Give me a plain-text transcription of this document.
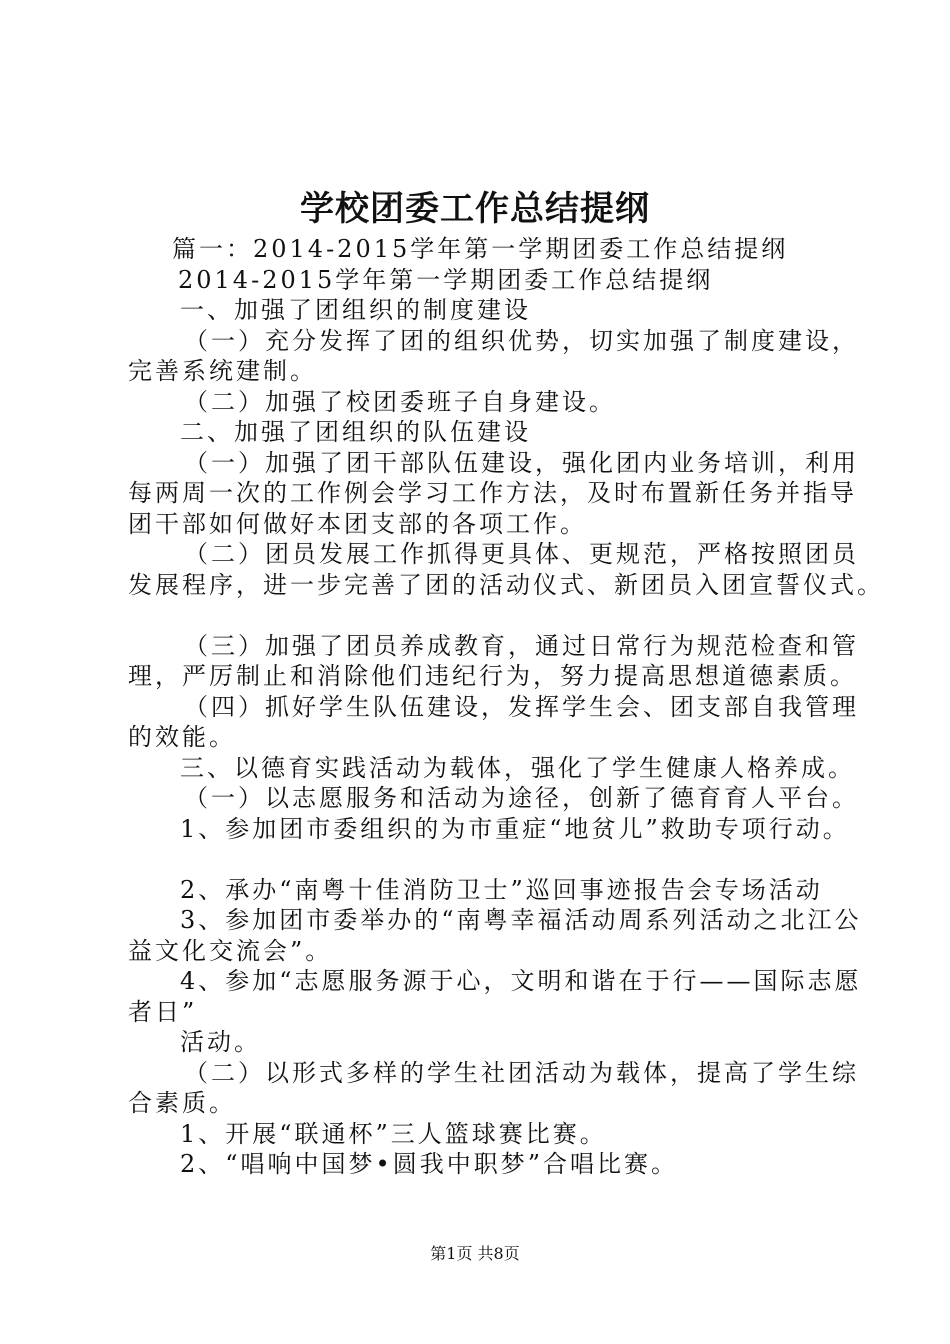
学校团委工作总结提纲
篇一：2014-2015学年第一学期团委工作总结提纲
2014-2015学年第一学期团委工作总结提纲
一、加强了团组织的制度建设
（一）充分发挥了团的组织优势，切实加强了制度建设，
完善系统建制。
（二）加强了校团委班子自身建设。
二、加强了团组织的队伍建设
（一）加强了团干部队伍建设，强化团内业务培训，利用
每两周一次的工作例会学习工作方法，及时布置新任务并指导
团干部如何做好本团支部的各项工作。
（二）团员发展工作抓得更具体、更规范，严格按照团员
发展程序，进一步完善了团的活动仪式、新团员入团宣誓仪式。
（三）加强了团员养成教育，通过日常行为规范检查和管
理，严厉制止和消除他们违纪行为，努力提高思想道德素质。
（四）抓好学生队伍建设，发挥学生会、团支部自我管理
的效能。
三、以德育实践活动为载体，强化了学生健康人格养成。
（一）以志愿服务和活动为途径，创新了德育育人平台。
1、参加团市委组织的为市重症“地贫儿”救助专项行动。
2、承办“南粤十佳消防卫士”巡回事迹报告会专场活动
3、参加团市委举办的“南粤幸福活动周系列活动之北江公
益文化交流会”。
4、参加“志愿服务源于心，文明和谐在于行——国际志愿
者日”
活动。
（二）以形式多样的学生社团活动为载体，提高了学生综
合素质。
1、开展“联通杯”三人篮球赛比赛。
2、“唱响中国梦•圆我中职梦”合唱比赛。
第1页 共8页
